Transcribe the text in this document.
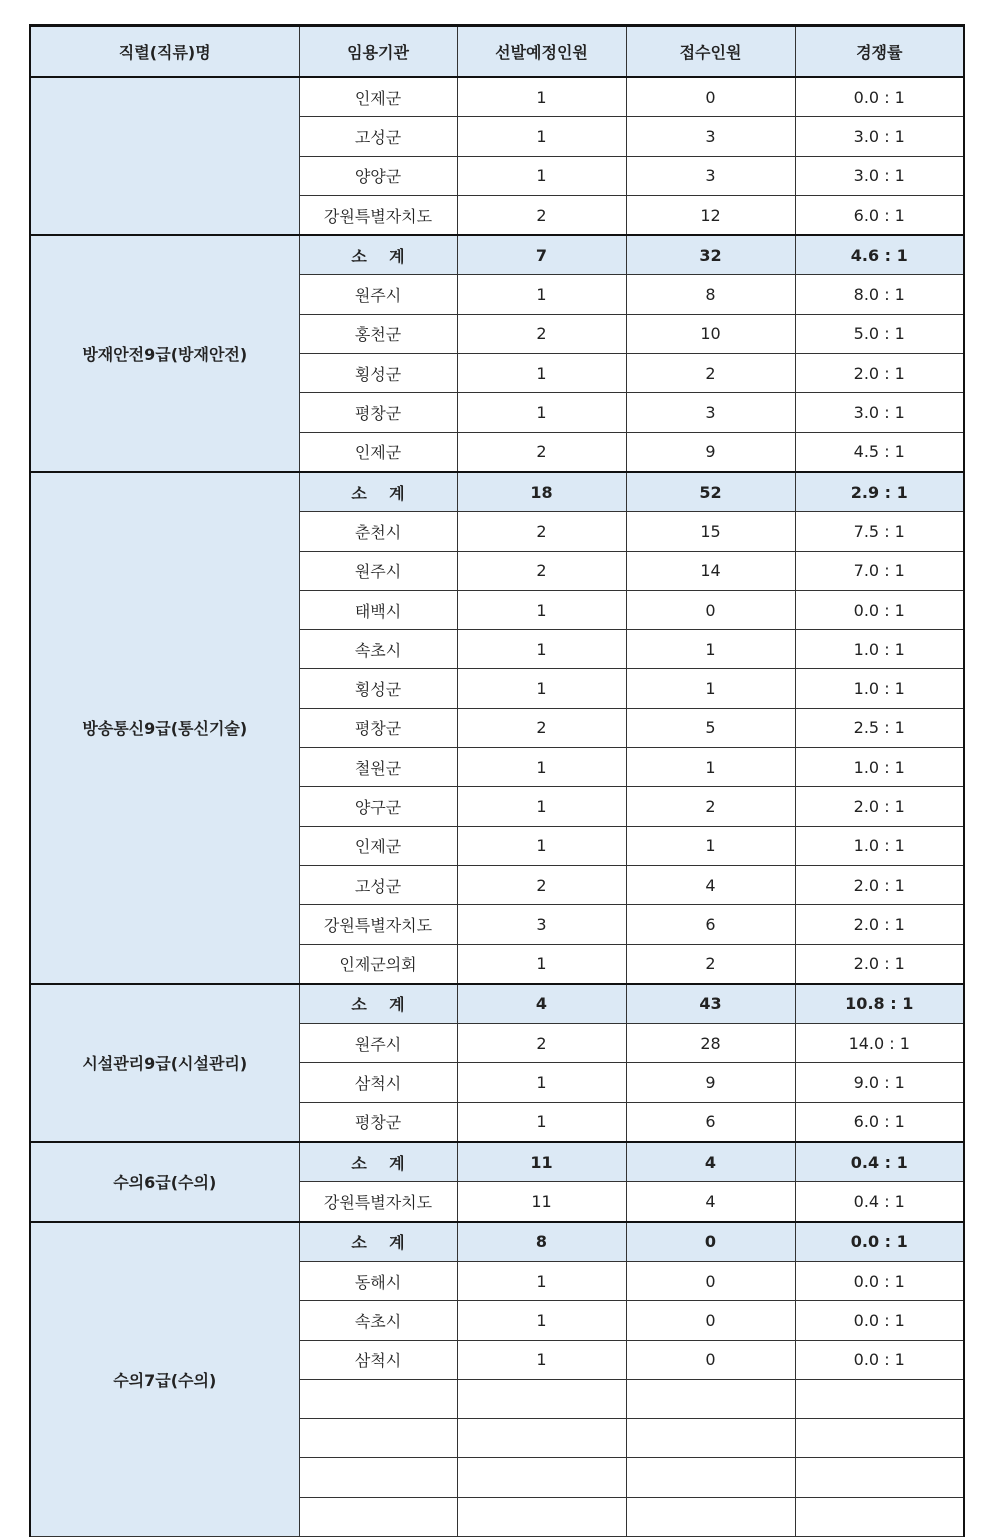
직렬(직류)명	임용기관	선발예정인원	접수인원	경쟁률
	인제군	1	0	0.0 : 1
	고성군	1	3	3.0 : 1
	양양군	1	3	3.0 : 1
	강원특별자치도	2	12	6.0 : 1
방재안전9급(방재안전)	소    계	7	32	4.6 : 1
	원주시	1	8	8.0 : 1
	홍천군	2	10	5.0 : 1
	횡성군	1	2	2.0 : 1
	평창군	1	3	3.0 : 1
	인제군	2	9	4.5 : 1
방송통신9급(통신기술)	소    계	18	52	2.9 : 1
	춘천시	2	15	7.5 : 1
	원주시	2	14	7.0 : 1
	태백시	1	0	0.0 : 1
	속초시	1	1	1.0 : 1
	횡성군	1	1	1.0 : 1
	평창군	2	5	2.5 : 1
	철원군	1	1	1.0 : 1
	양구군	1	2	2.0 : 1
	인제군	1	1	1.0 : 1
	고성군	2	4	2.0 : 1
	강원특별자치도	3	6	2.0 : 1
	인제군의회	1	2	2.0 : 1
시설관리9급(시설관리)	소    계	4	43	10.8 : 1
	원주시	2	28	14.0 : 1
	삼척시	1	9	9.0 : 1
	평창군	1	6	6.0 : 1
수의6급(수의)	소    계	11	4	0.4 : 1
	강원특별자치도	11	4	0.4 : 1
수의7급(수의)	소    계	8	0	0.0 : 1
	동해시	1	0	0.0 : 1
	속초시	1	0	0.0 : 1
	삼척시	1	0	0.0 : 1
